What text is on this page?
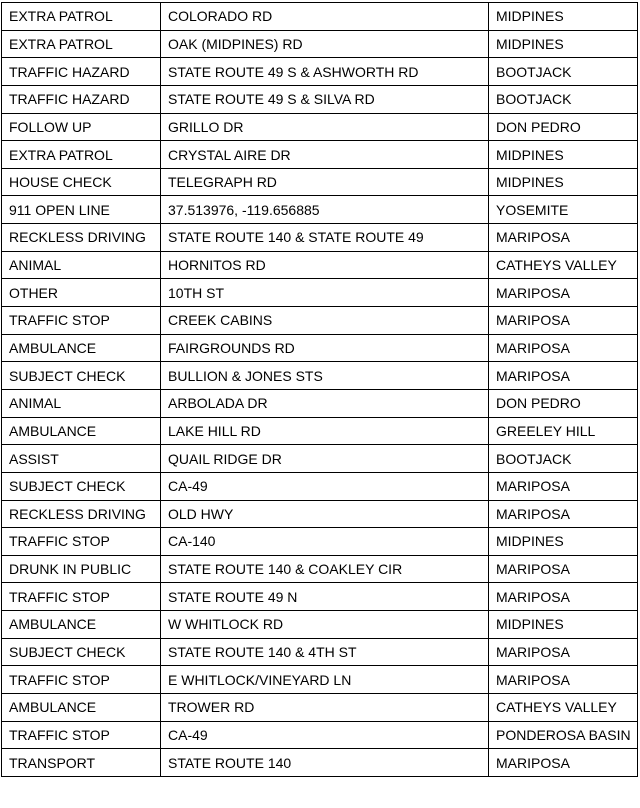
EXTRA PATROL	COLORADO RD	MIDPINES
EXTRA PATROL	OAK (MIDPINES) RD	MIDPINES
TRAFFIC HAZARD	STATE ROUTE 49 S & ASHWORTH RD	BOOTJACK
TRAFFIC HAZARD	STATE ROUTE 49 S & SILVA RD	BOOTJACK
FOLLOW UP	GRILLO DR	DON PEDRO
EXTRA PATROL	CRYSTAL AIRE DR	MIDPINES
HOUSE CHECK	TELEGRAPH RD	MIDPINES
911 OPEN LINE	37.513976, -119.656885	YOSEMITE
RECKLESS DRIVING	STATE ROUTE 140 & STATE ROUTE 49	MARIPOSA
ANIMAL	HORNITOS RD	CATHEYS VALLEY
OTHER	10TH ST	MARIPOSA
TRAFFIC STOP	CREEK CABINS	MARIPOSA
AMBULANCE	FAIRGROUNDS RD	MARIPOSA
SUBJECT CHECK	BULLION & JONES STS	MARIPOSA
ANIMAL	ARBOLADA DR	DON PEDRO
AMBULANCE	LAKE HILL RD	GREELEY HILL
ASSIST	QUAIL RIDGE DR	BOOTJACK
SUBJECT CHECK	CA-49	MARIPOSA
RECKLESS DRIVING	OLD HWY	MARIPOSA
TRAFFIC STOP	CA-140	MIDPINES
DRUNK IN PUBLIC	STATE ROUTE 140 & COAKLEY CIR	MARIPOSA
TRAFFIC STOP	STATE ROUTE 49 N	MARIPOSA
AMBULANCE	W WHITLOCK RD	MIDPINES
SUBJECT CHECK	STATE ROUTE 140 & 4TH ST	MARIPOSA
TRAFFIC STOP	E WHITLOCK/VINEYARD LN	MARIPOSA
AMBULANCE	TROWER RD	CATHEYS VALLEY
TRAFFIC STOP	CA-49	PONDEROSA BASIN
TRANSPORT	STATE ROUTE 140	MARIPOSA
